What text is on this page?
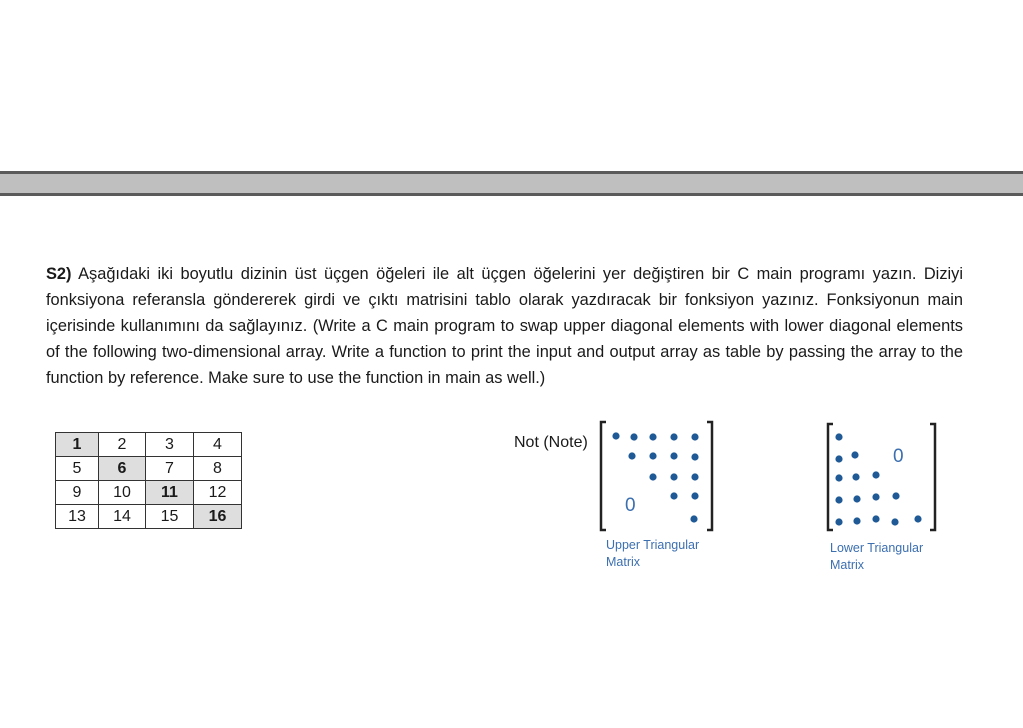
S2) Aşağıdaki iki boyutlu dizinin üst üçgen öğeleri ile alt üçgen öğelerini yer değiştiren bir C main programı yazın. Diziyi fonksiyona referansla göndererek girdi ve çıktı matrisini tablo olarak yazdıracak bir fonksiyon yazınız. Fonksiyonun main içerisinde kullanımını da sağlayınız. (Write a C main program to swap upper diagonal elements with lower diagonal elements of the following two-dimensional array. Write a function to print the input and output array as table by passing the array to the function by reference. Make sure to use the function in main as well.)
1	2	3	4
5	6	7	8
9	10	11	12
13	14	15	16
Not (Note)
0
Upper Triangular
Matrix
0
Lower Triangular
Matrix
